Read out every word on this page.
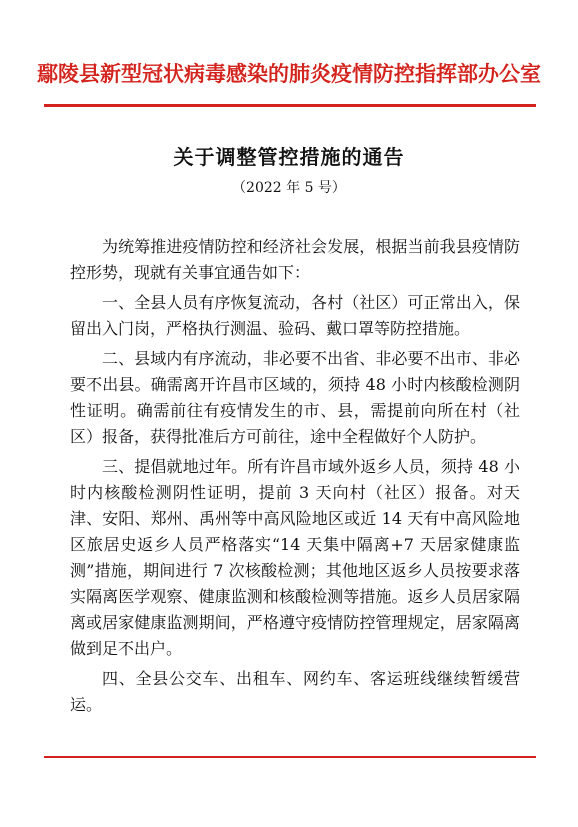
鄢陵县新型冠状病毒感染的肺炎疫情防控指挥部办公室
关于调整管控措施的通告
（2022 年 5 号）

为统筹推进疫情防控和经济社会发展，根据当前我县疫情防控形势，现就有关事宜通告如下：

一、全县人员有序恢复流动，各村（社区）可正常出入，保留出入门岗，严格执行测温、验码、戴口罩等防控措施。

二、县域内有序流动，非必要不出省、非必要不出市、非必要不出县。确需离开许昌市区域的，须持 48 小时内核酸检测阴性证明。确需前往有疫情发生的市、县，需提前向所在村（社区）报备，获得批准后方可前往，途中全程做好个人防护。

三、提倡就地过年。所有许昌市域外返乡人员，须持 48 小时内核酸检测阴性证明，提前 3 天向村（社区）报备。对天津、安阳、郑州、禹州等中高风险地区或近 14 天有中高风险地区旅居史返乡人员严格落实“14 天集中隔离+7 天居家健康监测”措施，期间进行 7 次核酸检测；其他地区返乡人员按要求落实隔离医学观察、健康监测和核酸检测等措施。返乡人员居家隔离或居家健康监测期间，严格遵守疫情防控管理规定，居家隔离做到足不出户。

四、全县公交车、出租车、网约车、客运班线继续暂缓营运。
